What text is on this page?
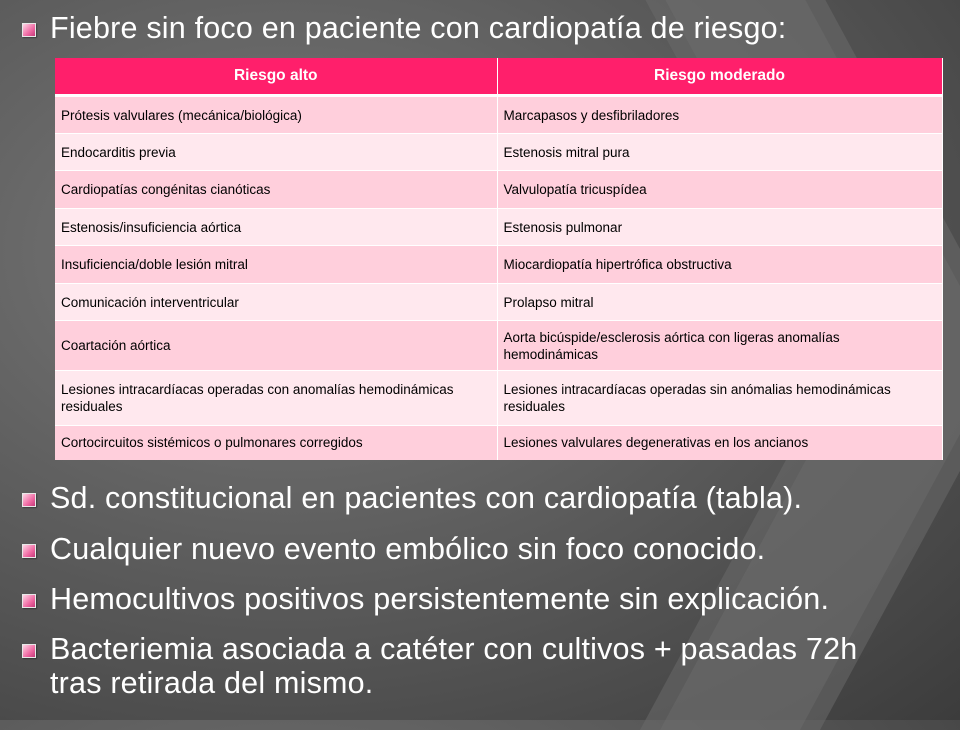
Fiebre sin foco en paciente con cardiopatía de riesgo:
Riesgo alto	Riesgo moderado
Prótesis valvulares (mecánica/biológica)	Marcapasos y desfibriladores
Endocarditis previa	Estenosis mitral pura
Cardiopatías congénitas cianóticas	Valvulopatía tricuspídea
Estenosis/insuficiencia aórtica	Estenosis pulmonar
Insuficiencia/doble lesión mitral	Miocardiopatía hipertrófica obstructiva
Comunicación interventricular	Prolapso mitral
Coartación aórtica	Aorta bicúspide/esclerosis aórtica con ligeras anomalías hemodinámicas
Lesiones intracardíacas operadas con anomalías hemodinámicas residuales	Lesiones intracardíacas operadas sin anómalias hemodinámicas residuales
Cortocircuitos sistémicos o pulmonares corregidos	Lesiones valvulares degenerativas en los ancianos
Sd. constitucional en pacientes con cardiopatía (tabla).
Cualquier nuevo evento embólico sin foco conocido.
Hemocultivos positivos persistentemente sin explicación.
Bacteriemia asociada a catéter con cultivos + pasadas 72h tras retirada del mismo.
